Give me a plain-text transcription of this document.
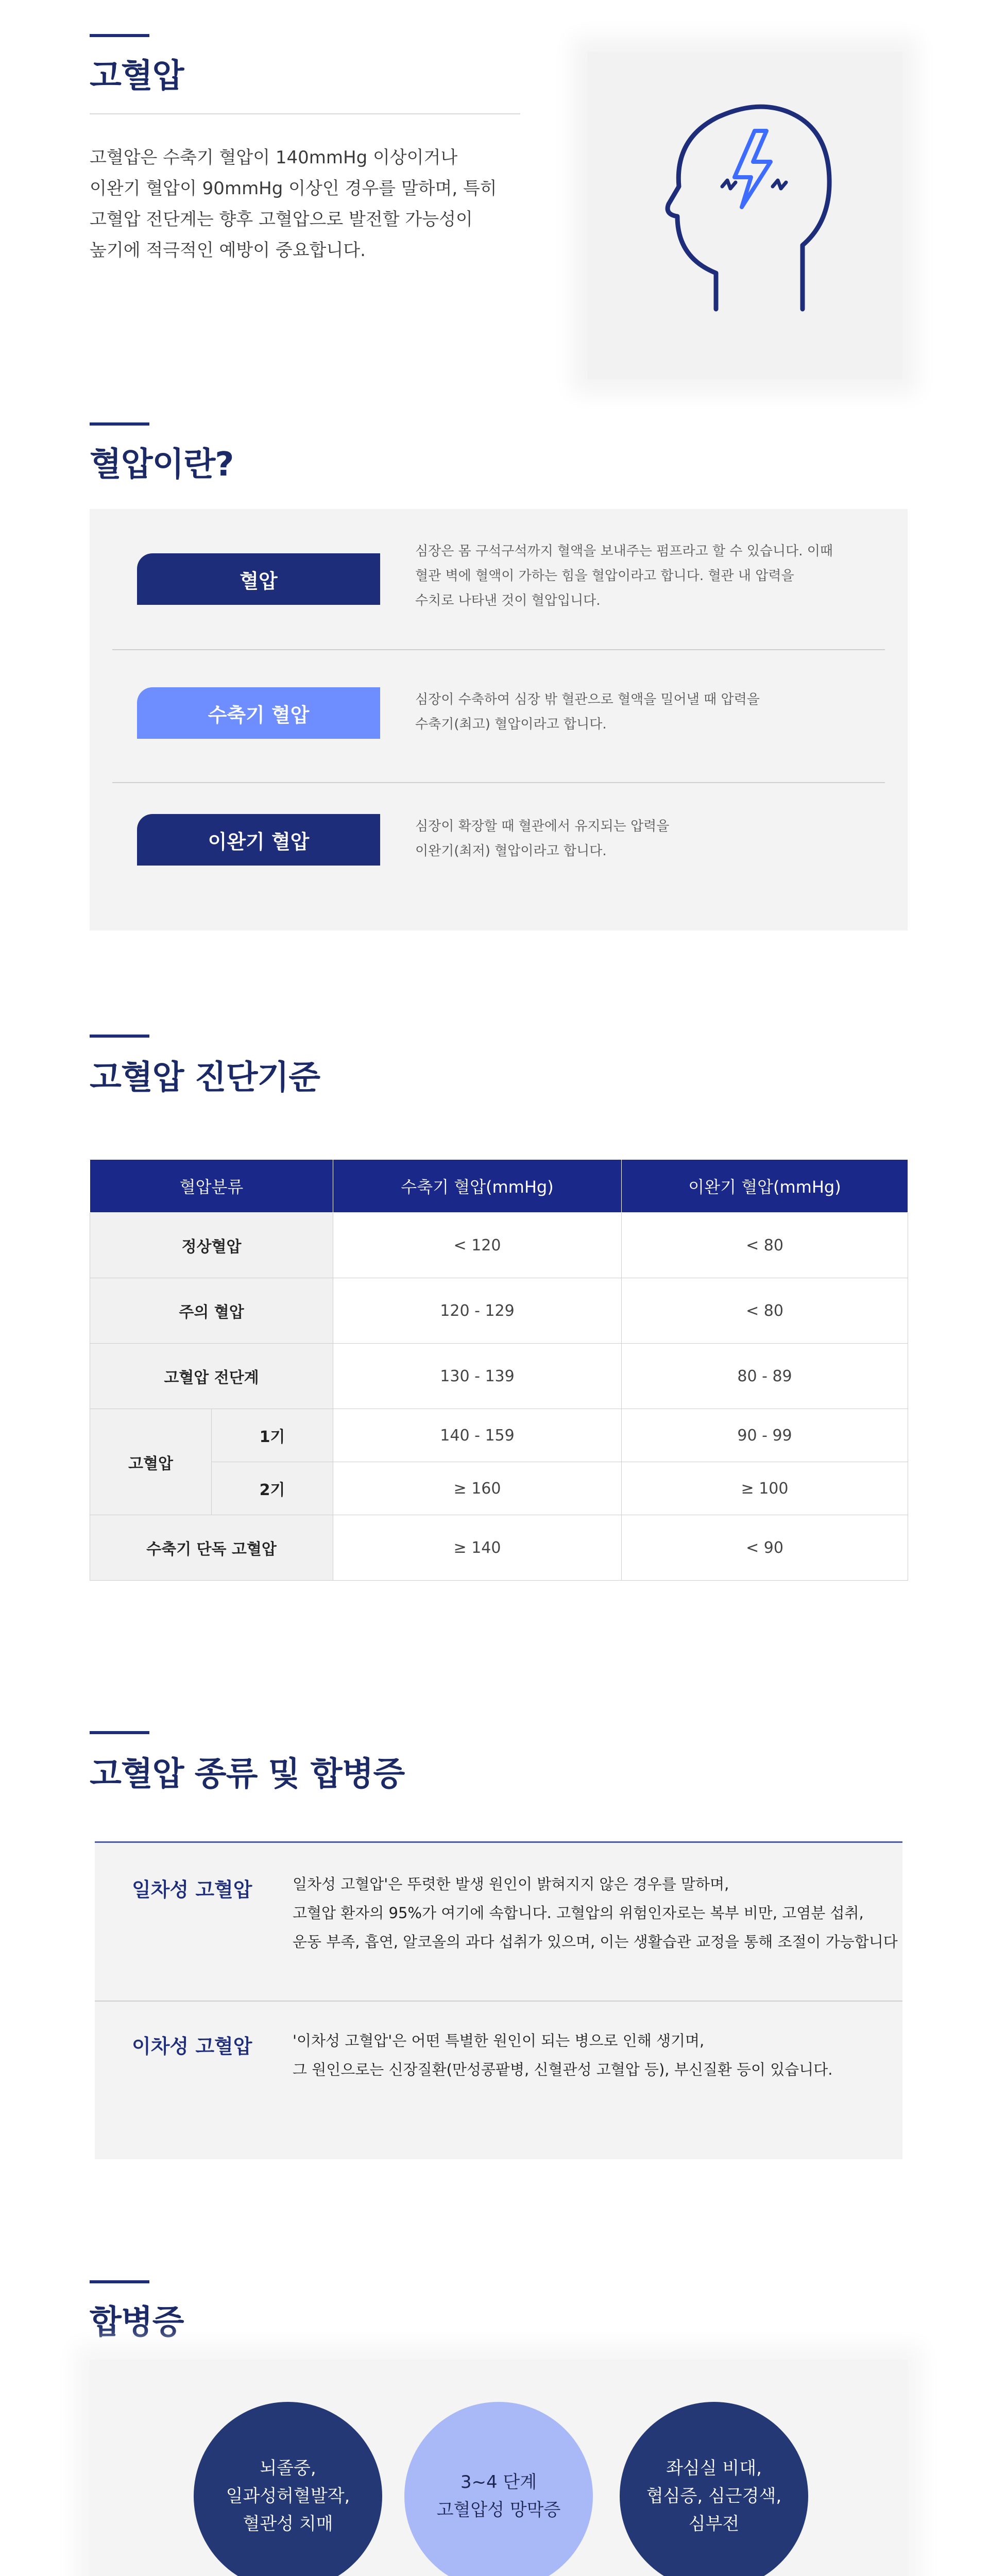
고혈압
고혈압은 수축기 혈압이 140mmHg 이상이거나
이완기 혈압이 90mmHg 이상인 경우를 말하며, 특히
고혈압 전단계는 향후 고혈압으로 발전할 가능성이
높기에 적극적인 예방이 중요합니다.
혈압이란?
혈압
심장은 몸 구석구석까지 혈액을 보내주는 펌프라고 할 수 있습니다. 이때
혈관 벽에 혈액이 가하는 힘을 혈압이라고 합니다. 혈관 내 압력을
수치로 나타낸 것이 혈압입니다.
수축기 혈압
심장이 수축하여 심장 밖 혈관으로 혈액을 밀어낼 때 압력을
수축기(최고) 혈압이라고 합니다.
이완기 혈압
심장이 확장할 때 혈관에서 유지되는 압력을
이완기(최저) 혈압이라고 합니다.
고혈압 진단기준
혈압분류		수축기 혈압(mmHg)	이완기 혈압(mmHg)
정상혈압		< 120	< 80
주의 혈압		120 - 129	< 80
고혈압 전단계		130 - 139	80 - 89
고혈압	1기	140 - 159	90 - 99
	2기	≥ 160	≥ 100
수축기 단독 고혈압		≥ 140	< 90
고혈압 종류 및 합병증
일차성 고혈압	일차성 고혈압'은 뚜렷한 발생 원인이 밝혀지지 않은 경우를 말하며,
고혈압 환자의 95%가 여기에 속합니다. 고혈압의 위험인자로는 복부 비만, 고염분 섭취,
운동 부족, 흡연, 알코올의 과다 섭취가 있으며, 이는 생활습관 교정을 통해 조절이 가능합니다
이차성 고혈압	'이차성 고혈압'은 어떤 특별한 원인이 되는 병으로 인해 생기며,
그 원인으로는 신장질환(만성콩팥병, 신혈관성 고혈압 등), 부신질환 등이 있습니다.
합병증
뇌졸중,
일과성허혈발작,
혈관성 치매
3~4 단계
고혈압성 망막증
좌심실 비대,
협심증, 심근경색,
심부전
